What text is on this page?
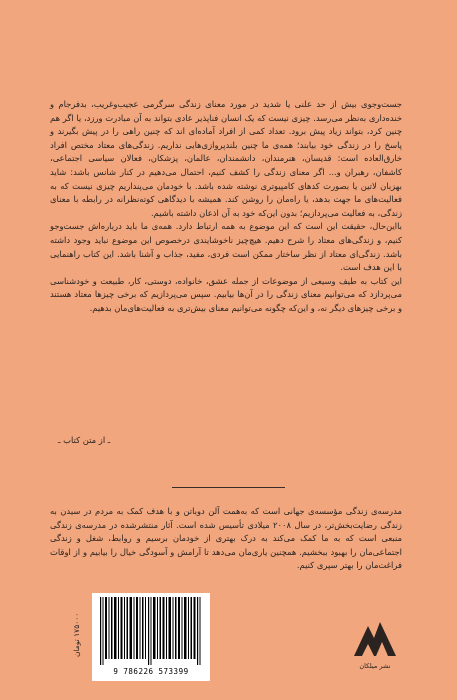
جست‌وجوی بیش از حد علنی یا شدید در مورد معنای زندگی سرگرمی عجیب‌وغریب، بدفرجام و خنده‌داری به‌نظر می‌رسد. چیزی نیست که یک انسان فناپذیر عادی بتواند به آن مبادرت ورزد، یا اگر هم چنین کرد، بتواند زیاد پیش برود. تعداد کمی از افراد آماده‌ای اند که چنین راهی را در پیش بگیرند و پاسخ را در زندگی خود بیابند؛ همه‌ی ما چنین بلندپروازی‌هایی نداریم. زندگی‌های معتاد مختص افراد خارق‌العاده است: قدیسان، هنرمندان، دانشمندان، عالمان، پزشکان، فعالان سیاسی اجتماعی، کاشفان، رهبران و... اگر معنای زندگی را کشف کنیم، احتمال می‌دهیم در کنار شانس باشد: شاید بهزبان لاتین یا بصورت کدهای کامپیوتری نوشته شده باشد. با خودمان می‌پنداریم چیزی نیست که به فعالیت‌های ما جهت بدهد، یا راه‌مان را روشن کند. همیشه با دیدگاهی کوته‌نظرانه در رابطه با معنای زندگی، به فعالیت می‌پردازیم؛ بدون این‌که خود به آن اذعان داشته باشیم.

بااین‌حال، حقیقت این است که این موضوع به همه ارتباط دارد. همه‌ی ما باید درباره‌اش جست‌وجو کنیم، و زندگی‌های معتاد را شرح دهیم. هیچ‌چیز ناخوشایندی درخصوص این موضوع نباید وجود داشته باشد. زندگی‌ای معتاد از نظر ساختار ممکن است فردی، مفید، جذاب و آشنا باشد. این کتاب راهنمایی با این هدف است.

این کتاب به طیف وسیعی از موضوعات از جمله عشق، خانواده، دوستی، کار، طبیعت و خودشناسی می‌پردازد که می‌توانیم معنای زندگی را در آن‌ها بیابیم. سپس می‌پردازیم که برخی چیزها معتاد هستند و برخی چیزهای دیگر نه، و این‌که چگونه می‌توانیم معنای بیش‌تری به فعالیت‌های‌مان بدهیم.

ـ از متن کتاب ـ

مدرسه‌ی زندگی مؤسسه‌ی جهانی است که به‌همت آلن دوباتن و با هدف کمک به مردم در سیدن به زندگی رضایت‌بخش‌تر، در سال ۲۰۰۸ میلادی تأسیس شده است. آثار منتشرشده در مدرسه‌ی زندگی منبعی است که به ما کمک می‌کند به درک بهتری از خودمان برسیم و روابط، شغل و زندگی اجتماعی‌مان را بهبود ببخشیم. همچنین یاری‌مان می‌دهد تا آرامش و آسودگی خیال را بیابیم و از اوقات فراغت‌مان را بهتر سپری کنیم.

۱۷۵۰۰۰ تومان
9 786226 573399
نشر میلکان
